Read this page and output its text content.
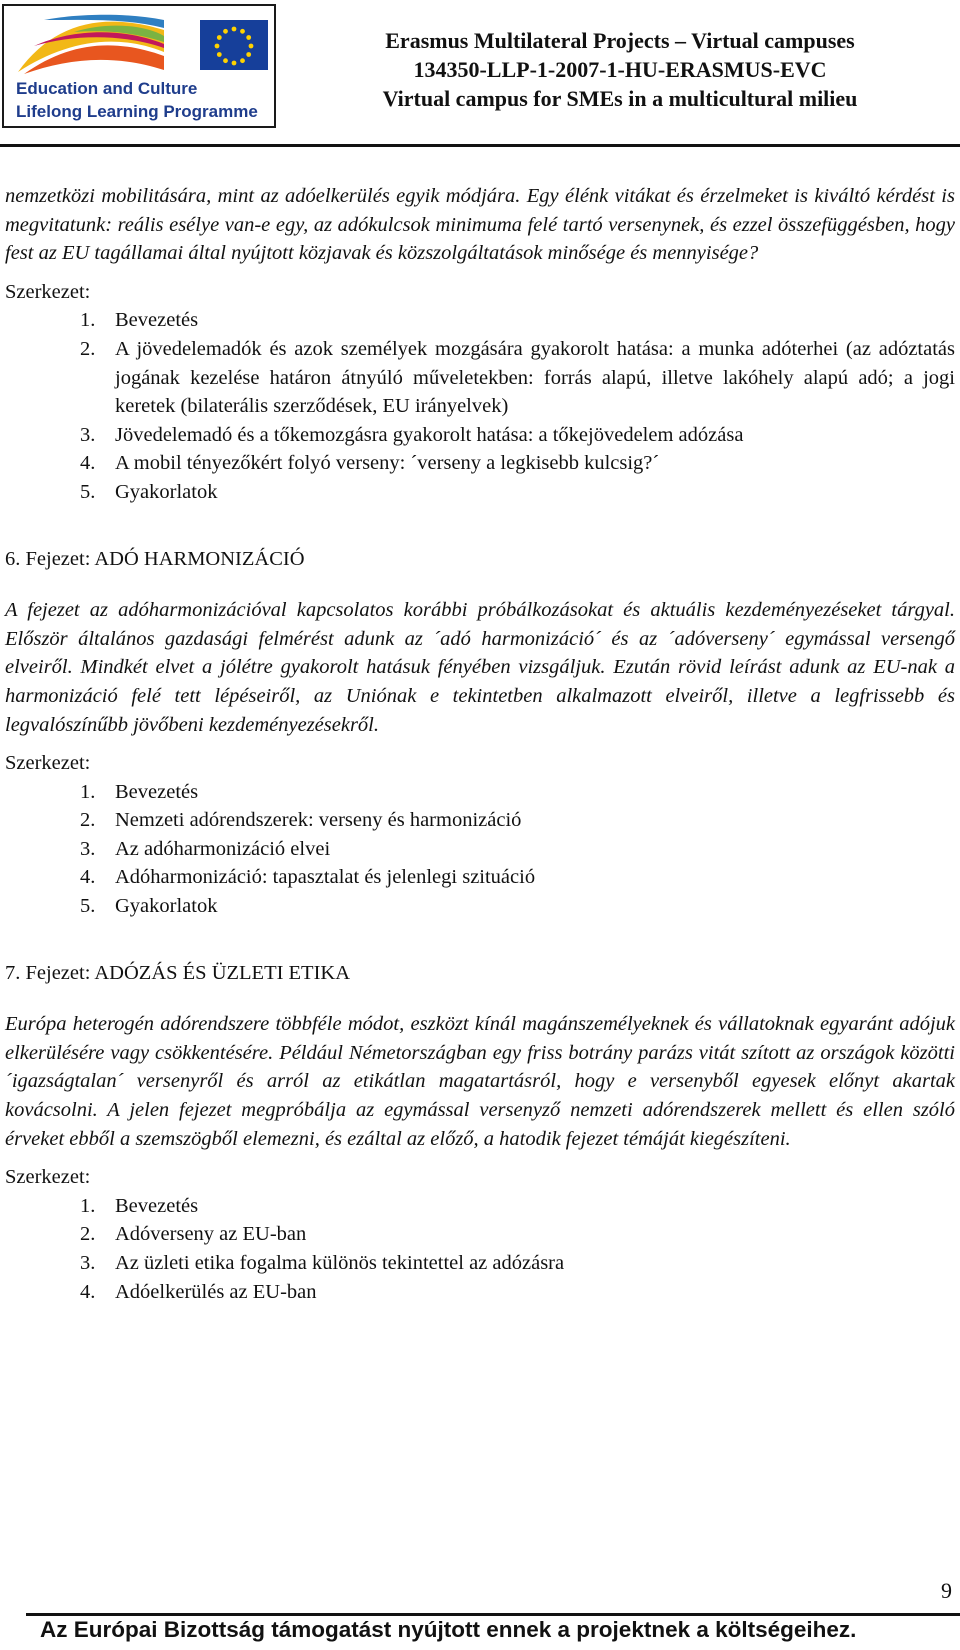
Education and Culture
Lifelong Learning Programme
Erasmus Multilateral Projects – Virtual campuses
134350-LLP-1-2007-1-HU-ERASMUS-EVC
Virtual campus for SMEs in a multicultural milieu

nemzetközi mobilitására, mint az adóelkerülés egyik módjára. Egy élénk vitákat és érzelmeket is kiváltó kérdést is megvitatunk: reális esélye van-e egy, az adókulcsok minimuma felé tartó versenynek, és ezzel összefüggésben, hogy fest az EU tagállamai által nyújtott közjavak és közszolgáltatások minősége és mennyisége?

Szerkezet:

1. Bevezetés
2. A jövedelemadók és azok személyek mozgására gyakorolt hatása: a munka adóterhei (az adóztatás jogának kezelése határon átnyúló műveletekben: forrás alapú, illetve lakóhely alapú adó; a jogi keretek (bilaterális szerződések, EU irányelvek)
3. Jövedelemadó és a tőkemozgásra gyakorolt hatása: a tőkejövedelem adózása
4. A mobil tényezőkért folyó verseny: ´verseny a legkisebb kulcsig?´
5. Gyakorlatok

6. Fejezet: ADÓ HARMONIZÁCIÓ

A fejezet az adóharmonizációval kapcsolatos korábbi próbálkozásokat és aktuális kezdeményezéseket tárgyal. Először általános gazdasági felmérést adunk az ´adó harmonizáció´ és az ´adóverseny´ egymással versengő elveiről. Mindkét elvet a jólétre gyakorolt hatásuk fényében vizsgáljuk. Ezután rövid leírást adunk az EU-nak a harmonizáció felé tett lépéseiről, az Uniónak e tekintetben alkalmazott elveiről, illetve a legfrissebb és legvalószínűbb jövőbeni kezdeményezésekről.

Szerkezet:

1. Bevezetés
2. Nemzeti adórendszerek: verseny és harmonizáció
3. Az adóharmonizáció elvei
4. Adóharmonizáció: tapasztalat és jelenlegi szituáció
5. Gyakorlatok

7. Fejezet: ADÓZÁS ÉS ÜZLETI ETIKA

Európa heterogén adórendszere többféle módot, eszközt kínál magánszemélyeknek és vállatoknak egyaránt adójuk elkerülésére vagy csökkentésére. Például Németországban egy friss botrány parázs vitát szított az országok közötti ´igazságtalan´ versenyről és arról az etikátlan magatartásról, hogy e versenyből egyesek előnyt akartak kovácsolni. A jelen fejezet megpróbálja az egymással versenyző nemzeti adórendszerek mellett és ellen szóló érveket ebből a szemszögből elemezni, és ezáltal az előző, a hatodik fejezet témáját kiegészíteni.

Szerkezet:

1. Bevezetés
2. Adóverseny az EU-ban
3. Az üzleti etika fogalma különös tekintettel az adózásra
4. Adóelkerülés az EU-ban
9
Az Európai Bizottság támogatást nyújtott ennek a projektnek a költségeihez.
